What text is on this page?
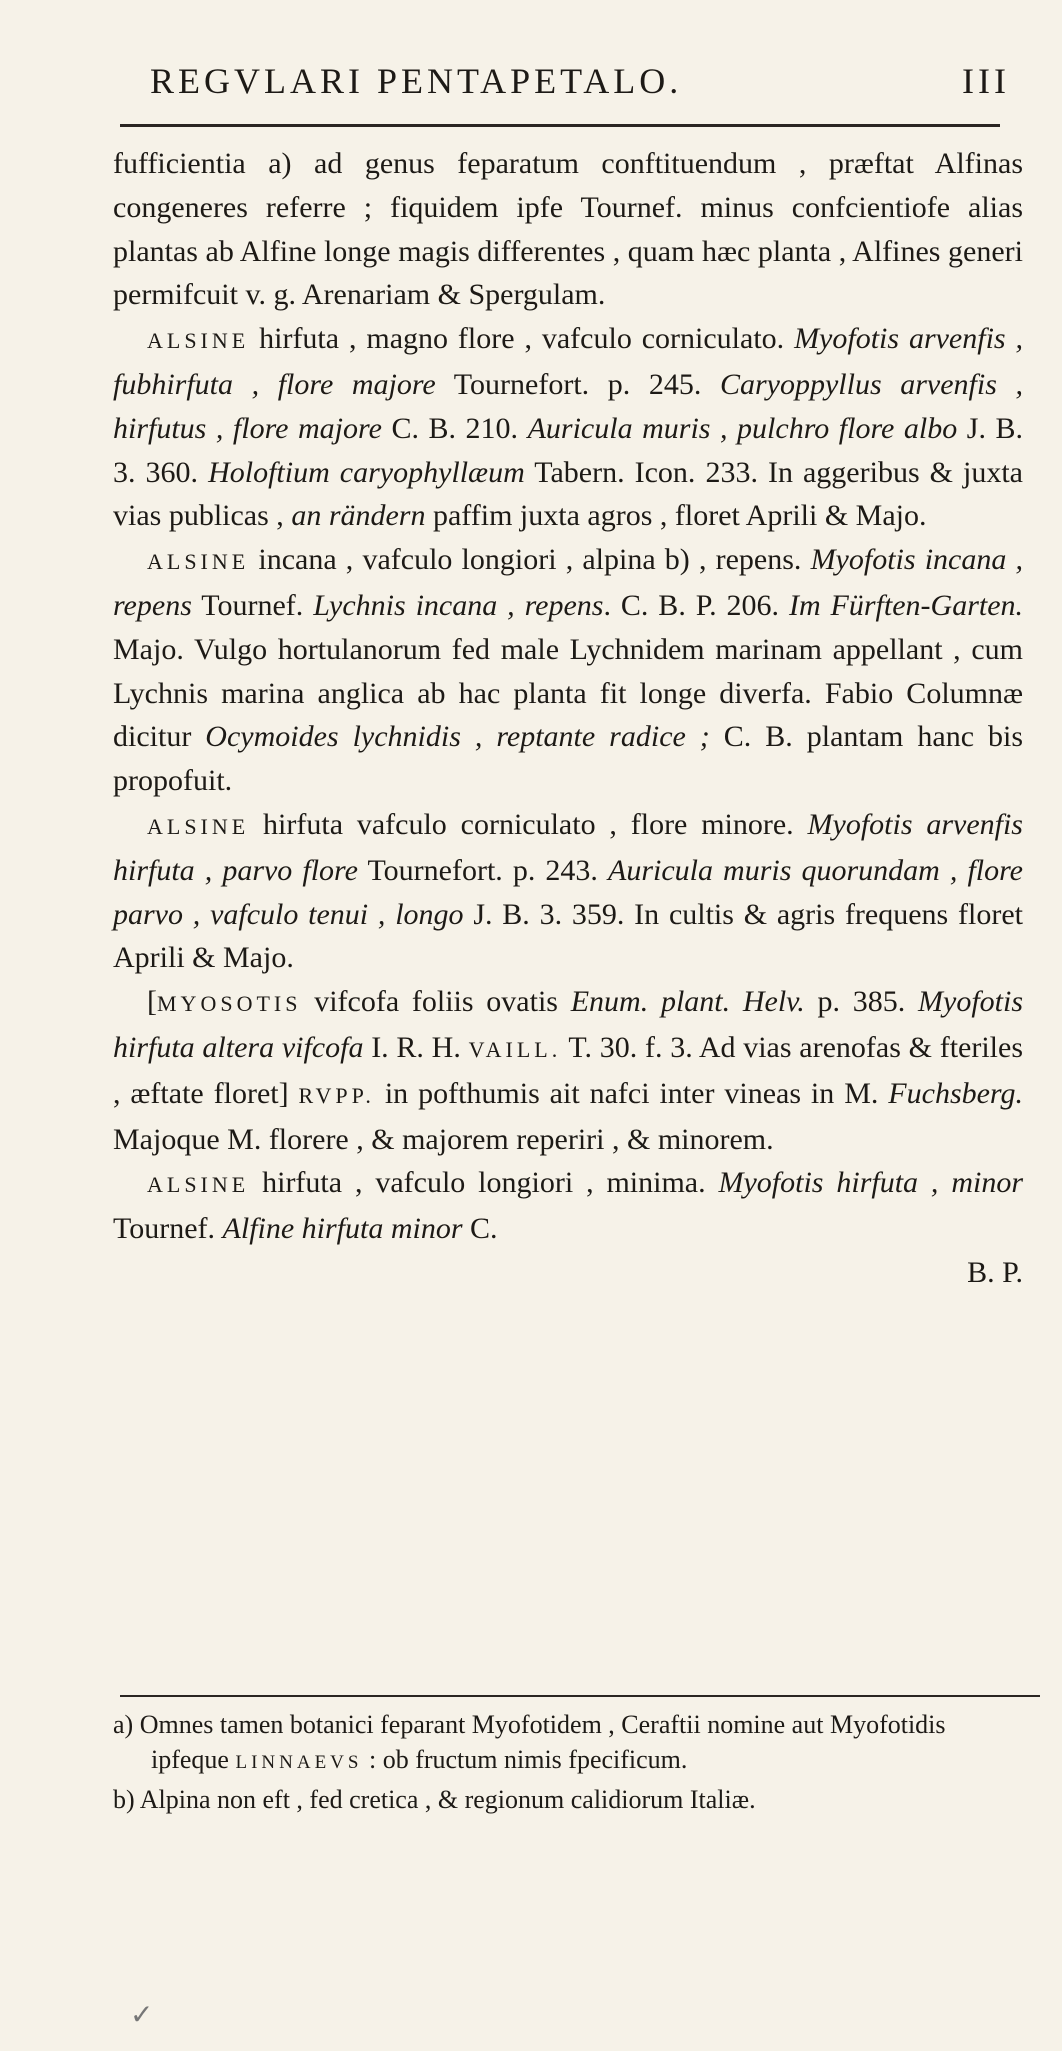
REGVLARI PENTAPETALO.	III

fufficientia a) ad genus feparatum conftituendum , præftat Alfinas congeneres referre ; fiquidem ipfe Tournef. minus confcientiofe alias plantas ab Alfine longe magis differentes , quam hæc planta , Alfines generi permifcuit v. g. Arenariam & Spergulam.

ALSINE hirfuta , magno flore , vafculo corniculato. Myofotis arvenfis , fubhirfuta , flore majore Tournefort. p. 245. Caryoppyllus arvenfis , hirfutus , flore majore C. B. 210. Auricula muris , pulchro flore albo J. B. 3. 360. Holoftium caryophyllæum Tabern. Icon. 233. In aggeribus & juxta vias publicas , an rändern paffim juxta agros , floret Aprili & Majo.

ALSINE incana , vafculo longiori , alpina b) , repens. Myofotis incana , repens Tournef. Lychnis incana , repens. C. B. P. 206. Im Fürften-Garten. Majo. Vulgo hortulanorum fed male Lychnidem marinam appellant , cum Lychnis marina anglica ab hac planta fit longe diverfa. Fabio Columnæ dicitur Ocymoides lychnidis , reptante radice ; C. B. plantam hanc bis propofuit.

ALSINE hirfuta vafculo corniculato , flore minore. Myofotis arvenfis hirfuta , parvo flore Tournefort. p. 243. Auricula muris quorundam , flore parvo , vafculo tenui , longo J. B. 3. 359. In cultis & agris frequens floret Aprili & Majo.

[MYOSOTIS vifcofa foliis ovatis Enum. plant. Helv. p. 385. Myofotis hirfuta altera vifcofa I. R. H. VAILL. T. 30. f. 3. Ad vias arenofas & fteriles , æftate floret] RVPP. in pofthumis ait nafci inter vineas in M. Fuchsberg. Majoque M. florere , & majorem reperiri , & minorem.

ALSINE hirfuta , vafculo longiori , minima. Myofotis hirfuta , minor Tournef. Alfine hirfuta minor C.

B. P.

a) Omnes tamen botanici feparant Myofotidem , Ceraftii nomine aut Myofotidis ipfeque LINNAEVS : ob fructum nimis fpecificum.

b) Alpina non eft , fed cretica , & regionum calidiorum Italiæ.

✓
